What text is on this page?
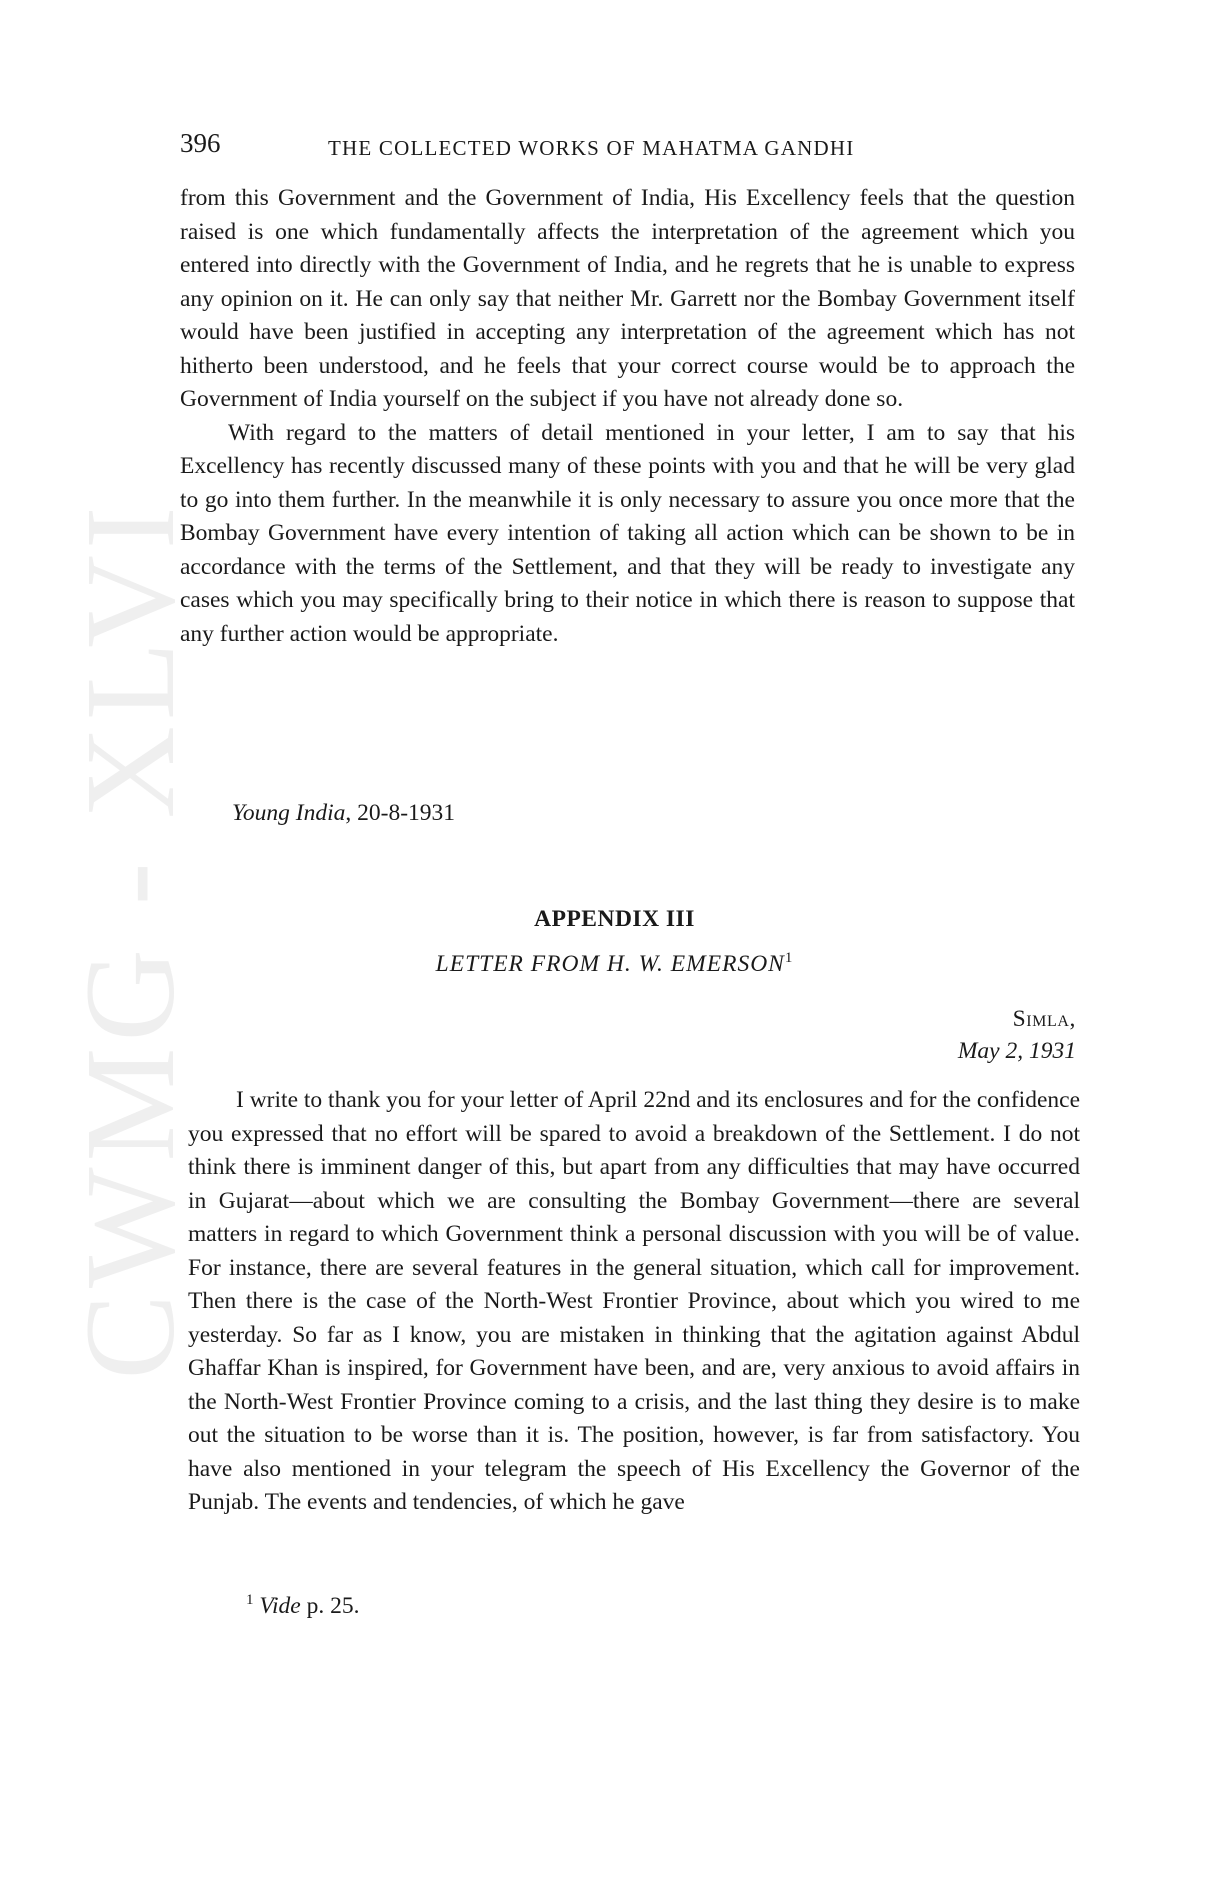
CWMG - XLVI
396	THE COLLECTED WORKS OF MAHATMA GANDHI

from this Government and the Government of India, His Excellency feels that the question raised is one which fundamentally affects the interpretation of the agreement which you entered into directly with the Government of India, and he regrets that he is unable to express any opinion on it. He can only say that neither Mr. Garrett nor the Bombay Government itself would have been justified in accepting any interpretation of the agreement which has not hitherto been understood, and he feels that your correct course would be to approach the Government of India yourself on the subject if you have not already done so.

With regard to the matters of detail mentioned in your letter, I am to say that his Excellency has recently discussed many of these points with you and that he will be very glad to go into them further. In the meanwhile it is only necessary to assure you once more that the Bombay Government have every intention of taking all action which can be shown to be in accordance with the terms of the Settlement, and that they will be ready to investigate any cases which you may specifically bring to their notice in which there is reason to suppose that any further action would be appropriate.

Young India, 20-8-1931
APPENDIX III
LETTER FROM H. W. EMERSON$^1$
Simla,
May 2, 1931

I write to thank you for your letter of April 22nd and its enclosures and for the confidence you expressed that no effort will be spared to avoid a breakdown of the Settlement. I do not think there is imminent danger of this, but apart from any difficulties that may have occurred in Gujarat—about which we are consulting the Bombay Government—there are several matters in regard to which Government think a personal discussion with you will be of value. For instance, there are several features in the general situation, which call for improvement. Then there is the case of the North-West Frontier Province, about which you wired to me yesterday. So far as I know, you are mistaken in thinking that the agitation against Abdul Ghaffar Khan is inspired, for Government have been, and are, very anxious to avoid affairs in the North-West Frontier Province coming to a crisis, and the last thing they desire is to make out the situation to be worse than it is. The position, however, is far from satisfactory. You have also mentioned in your telegram the speech of His Excellency the Governor of the Punjab. The events and tendencies, of which he gave

$^1$ Vide p. 25.
